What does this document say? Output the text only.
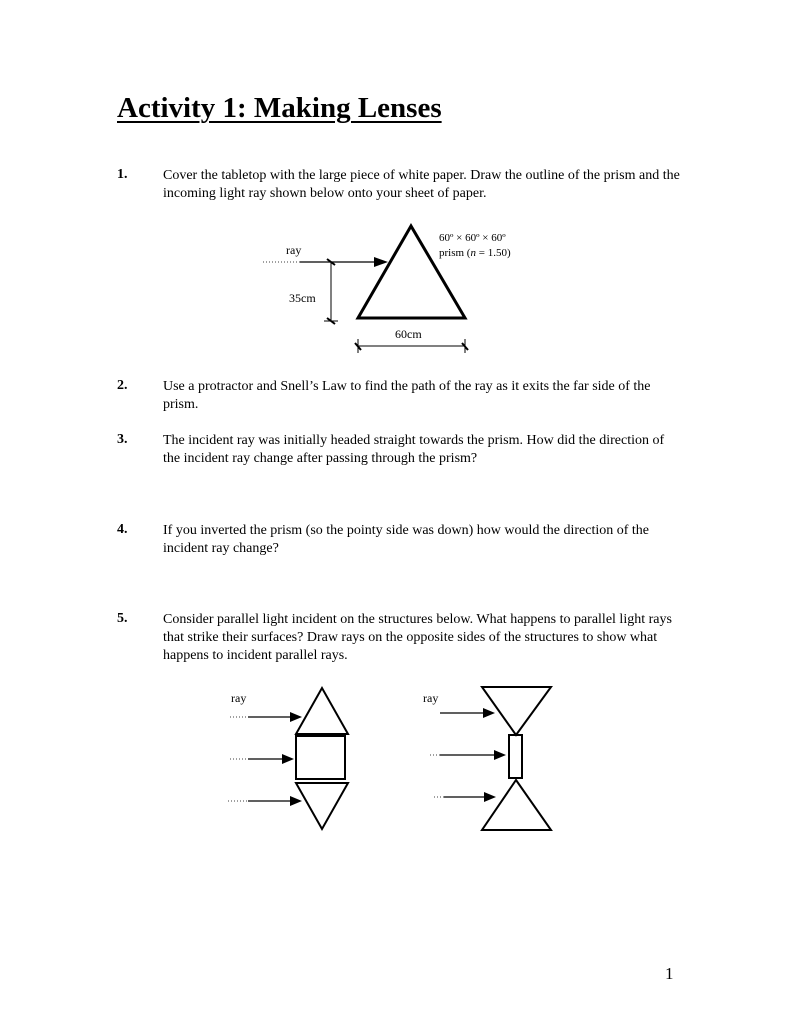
Activity 1: Making Lenses
1.	Cover the tabletop with the large piece of white paper. Draw the outline of the prism and the incoming light ray shown below onto your sheet of paper.
ray
60º × 60º × 60º
prism (n = 1.50)
35cm
60cm
2.	Use a protractor and Snell’s Law to find the path of the ray as it exits the far side of the prism.
3.	The incident ray was initially headed straight towards the prism. How did the direction of the incident ray change after passing through the prism?
4.	If you inverted the prism (so the pointy side was down) how would the direction of the incident ray change?
5.	Consider parallel light incident on the structures below. What happens to parallel light rays that strike their surfaces? Draw rays on the opposite sides of the structures to show what happens to incident parallel rays.
ray	ray
1
